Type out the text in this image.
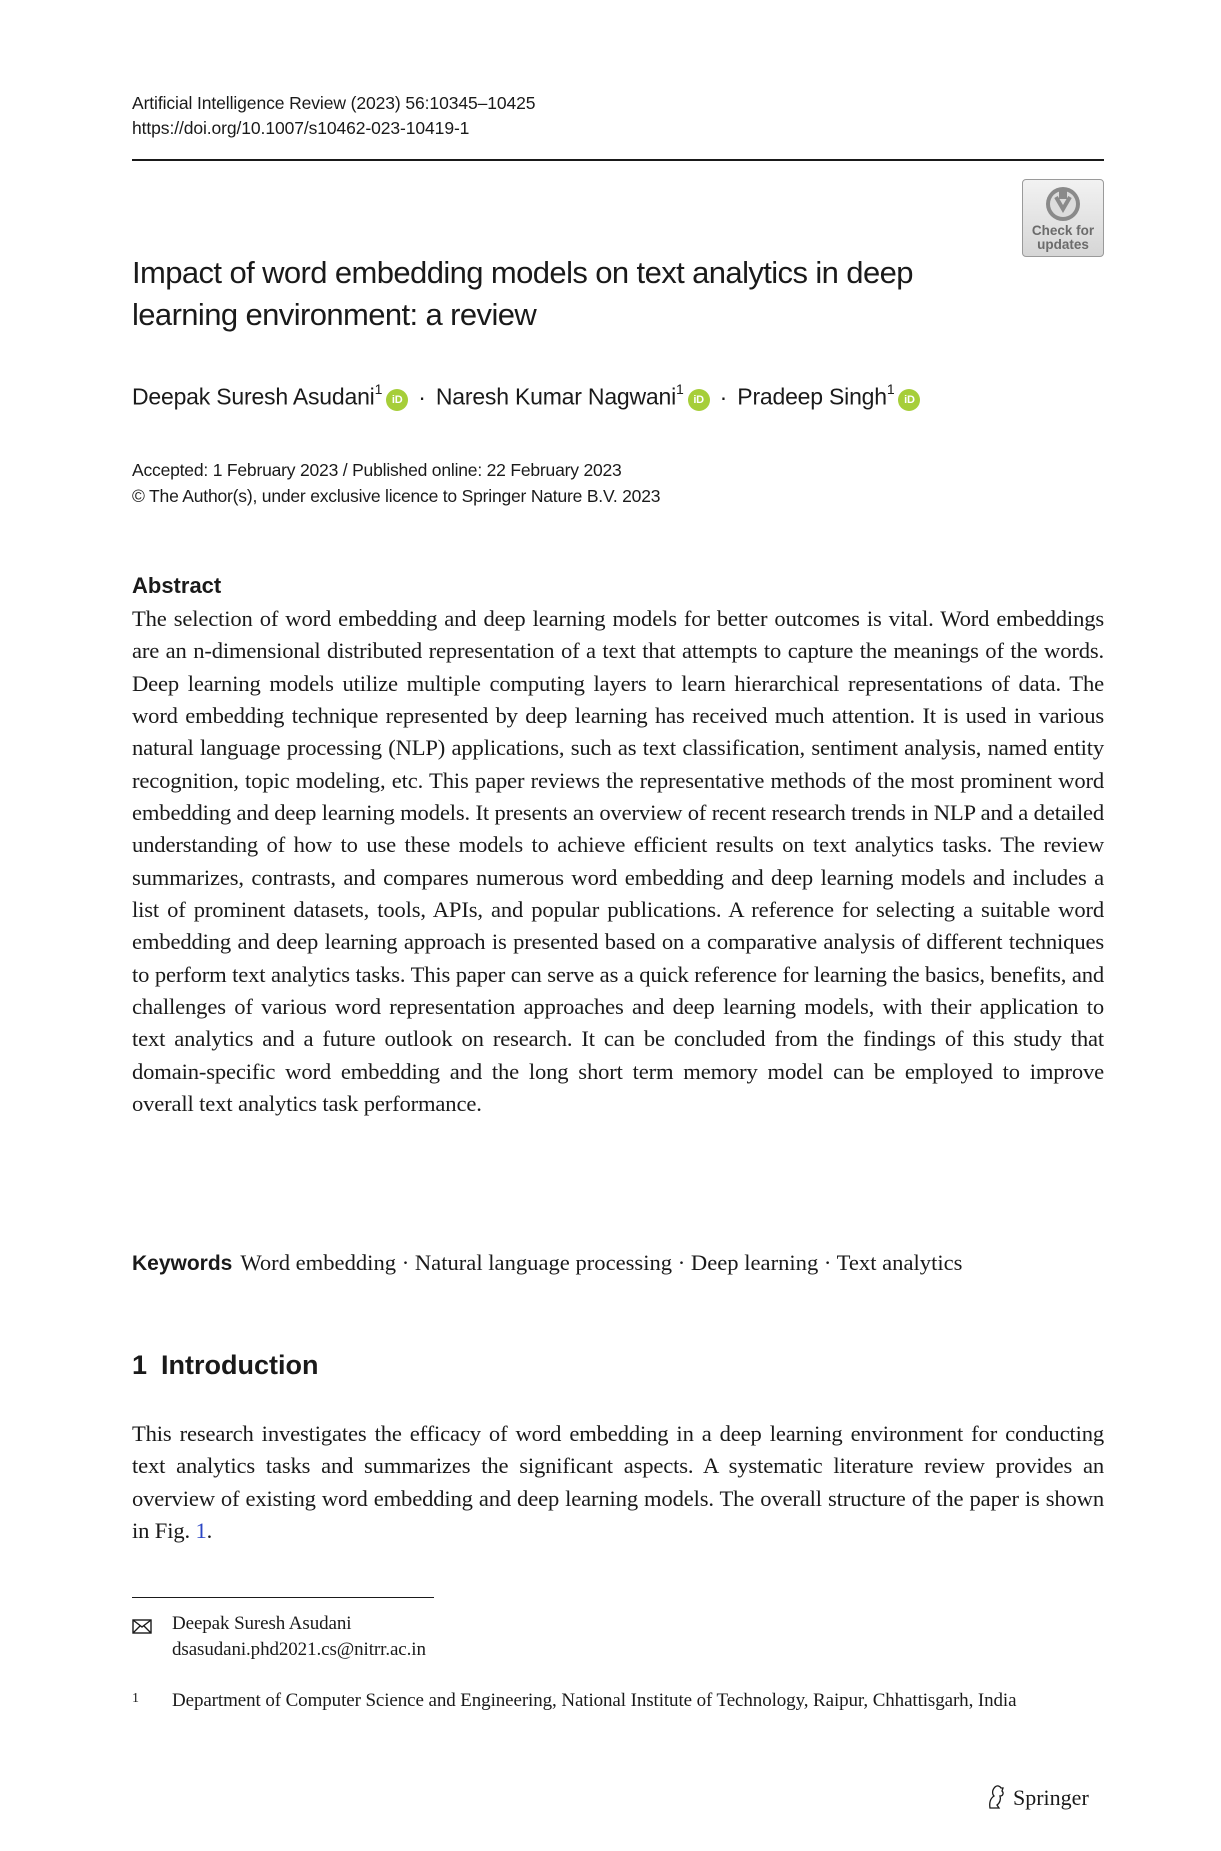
Artificial Intelligence Review (2023) 56:10345–10425
https://doi.org/10.1007/s10462-023-10419-1
Check for
updates
Impact of word embedding models on text analytics in deep learning environment: a review
Deepak Suresh Asudani$^1$iD · Naresh Kumar Nagwani$^1$iD · Pradeep Singh$^1$iD
Accepted: 1 February 2023 / Published online: 22 February 2023
© The Author(s), under exclusive licence to Springer Nature B.V. 2023
Abstract

The selection of word embedding and deep learning models for better outcomes is vital. Word embeddings are an n-dimensional distributed representation of a text that attempts to capture the meanings of the words. Deep learning models utilize multiple computing layers to learn hierarchical representations of data. The word embedding technique represented by deep learning has received much attention. It is used in various natural language processing (NLP) applications, such as text classification, sentiment analysis, named entity recognition, topic modeling, etc. This paper reviews the representative methods of the most prominent word embedding and deep learning models. It presents an overview of recent research trends in NLP and a detailed understanding of how to use these models to achieve efficient results on text analytics tasks. The review summarizes, contrasts, and compares numerous word embedding and deep learning models and includes a list of prominent datasets, tools, APIs, and popular publications. A reference for selecting a suitable word embedding and deep learning approach is presented based on a comparative analysis of different techniques to perform text analytics tasks. This paper can serve as a quick reference for learning the basics, benefits, and challenges of various word representation approaches and deep learning models, with their application to text analytics and a future outlook on research. It can be concluded from the findings of this study that domain-specific word embedding and the long short term memory model can be employed to improve overall text analytics task performance.

Keywords Word embedding · Natural language processing · Deep learning · Text analytics
1 Introduction

This research investigates the efficacy of word embedding in a deep learning environment for conducting text analytics tasks and summarizes the significant aspects. A systematic literature review provides an overview of existing word embedding and deep learning models. The overall structure of the paper is shown in Fig. 1.

Deepak Suresh Asudani
dsasudani.phd2021.cs@nitrr.ac.in
1 Department of Computer Science and Engineering, National Institute of Technology, Raipur, Chhattisgarh, India
Springer
